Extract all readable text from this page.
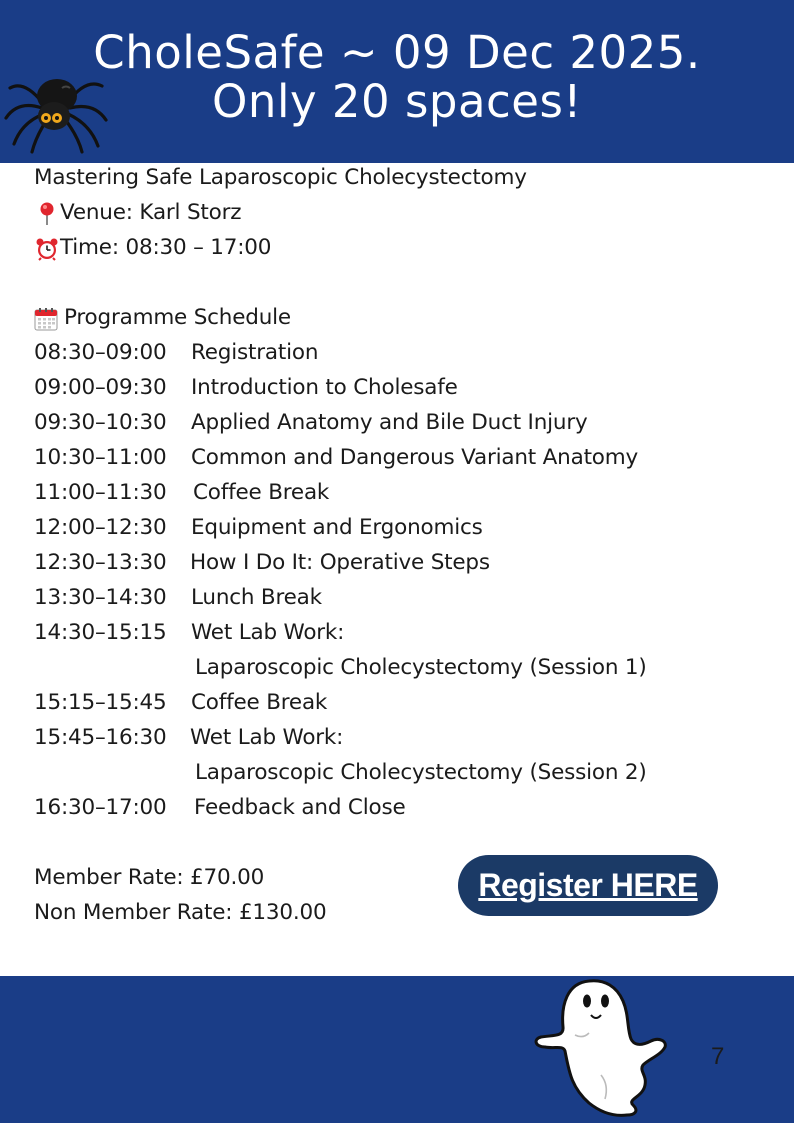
CholeSafe ~ 09 Dec 2025.
Only 20 spaces!
Mastering Safe Laparoscopic Cholecystectomy
Venue: Karl Storz
Time: 08:30 – 17:00
Programme Schedule
08:30–09:00 Registration
09:00–09:30 Introduction to Cholesafe
09:30–10:30 Applied Anatomy and Bile Duct Injury
10:30–11:00 Common and Dangerous Variant Anatomy
11:00–11:30 Coffee Break
12:00–12:30 Equipment and Ergonomics
12:30–13:30 How I Do It: Operative Steps
13:30–14:30 Lunch Break
14:30–15:15 Wet Lab Work:
Laparoscopic Cholecystectomy (Session 1)
15:15–15:45 Coffee Break
15:45–16:30 Wet Lab Work:
Laparoscopic Cholecystectomy (Session 2)
16:30–17:00 Feedback and Close
Member Rate: £70.00
Non Member Rate: £130.00
Register HERE
7
